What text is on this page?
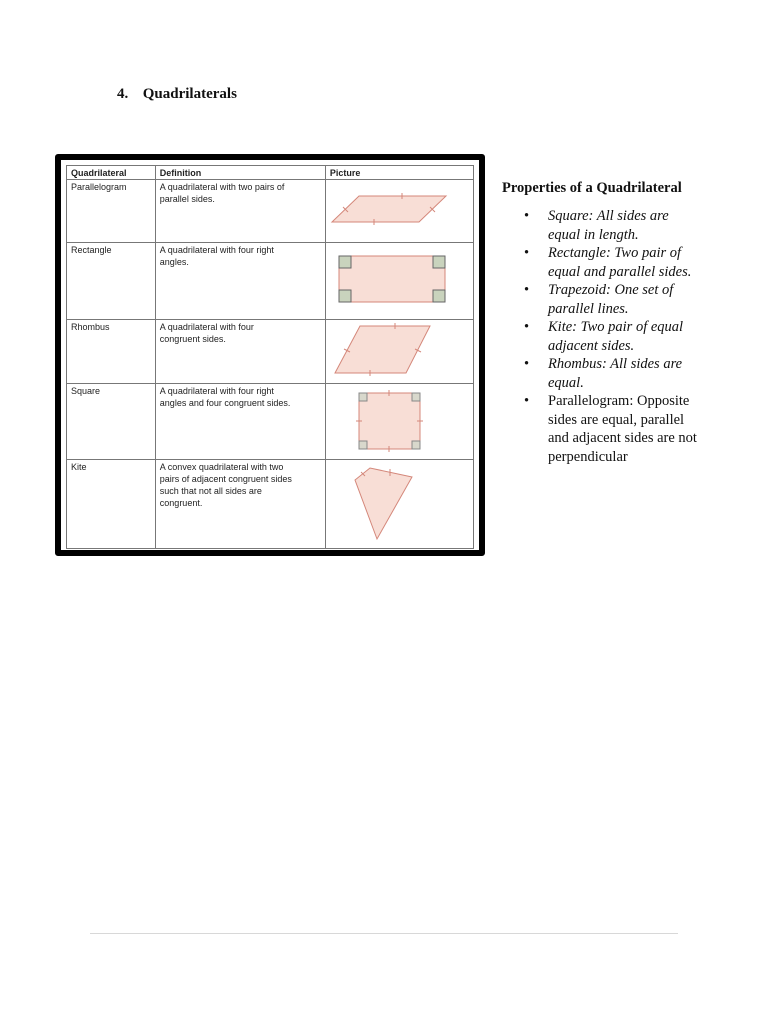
4. Quadrilaterals
Quadrilateral	Definition	Picture
Parallelogram	A quadrilateral with two pairs of
parallel sides.

Rectangle	A quadrilateral with four right
angles.

Rhombus	A quadrilateral with four
congruent sides.

Square	A quadrilateral with four right
angles and four congruent sides.

Kite	A convex quadrilateral with two
pairs of adjacent congruent sides
such that not all sides are
congruent.

Properties of a Quadrilateral
• Square: All sides are
equal in length.
• Rectangle: Two pair of
equal and parallel sides.
• Trapezoid: One set of
parallel lines.
• Kite: Two pair of equal
adjacent sides.
• Rhombus: All sides are
equal.
• Parallelogram: Opposite
sides are equal, parallel
and adjacent sides are not
perpendicular
